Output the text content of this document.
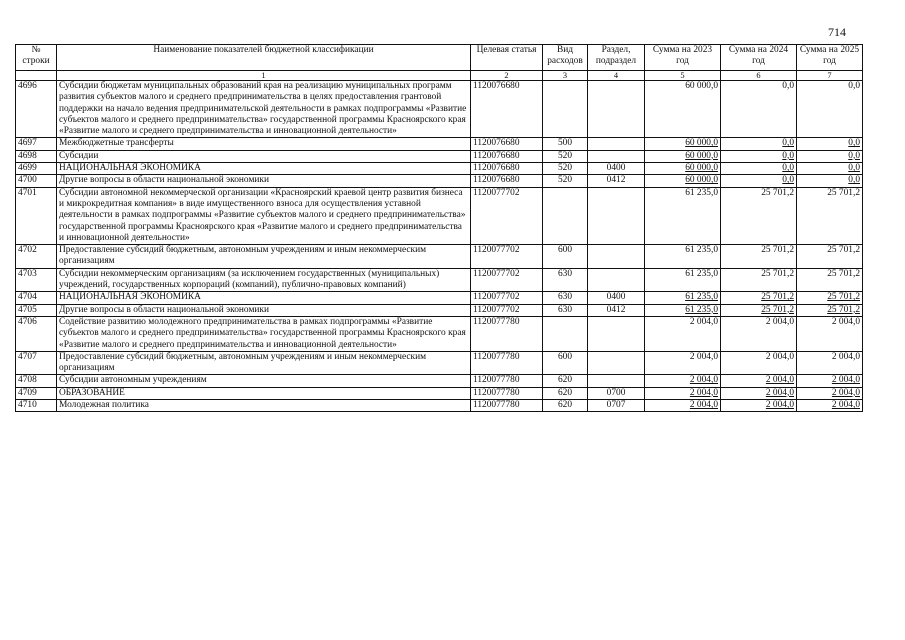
714
№ строки	Наименование показателей бюджетной классификации	Целевая статья	Вид расходов	Раздел, подраздел	Сумма на 2023 год	Сумма на 2024 год	Сумма на 2025 год
	1	2	3	4	5	6	7
4696	Субсидии бюджетам муниципальных образований края на реализацию муниципальных программ развития субъектов малого и среднего предпринимательства в целях предоставления грантовой поддержки на начало ведения предпринимательской деятельности в рамках подпрограммы «Развитие субъектов малого и среднего предпринимательства» государственной программы Красноярского края «Развитие малого и среднего предпринимательства и инновационной деятельности»	1120076680			60 000,0	0,0	0,0
4697	Межбюджетные трансферты	1120076680	500		60 000,0	0,0	0,0
4698	Субсидии	1120076680	520		60 000,0	0,0	0,0
4699	НАЦИОНАЛЬНАЯ ЭКОНОМИКА	1120076680	520	0400	60 000,0	0,0	0,0
4700	Другие вопросы в области национальной экономики	1120076680	520	0412	60 000,0	0,0	0,0
4701	Субсидии автономной некоммерческой организации «Красноярский краевой центр развития бизнеса и микрокредитная компания» в виде имущественного взноса для осуществления уставной деятельности в рамках подпрограммы «Развитие субъектов малого и среднего предпринимательства» государственной программы Красноярского края «Развитие малого и среднего предпринимательства и инновационной деятельности»	1120077702			61 235,0	25 701,2	25 701,2
4702	Предоставление субсидий бюджетным, автономным учреждениям и иным некоммерческим организациям	1120077702	600		61 235,0	25 701,2	25 701,2
4703	Субсидии некоммерческим организациям (за исключением государственных (муниципальных) учреждений, государственных корпораций (компаний), публично-правовых компаний)	1120077702	630		61 235,0	25 701,2	25 701,2
4704	НАЦИОНАЛЬНАЯ ЭКОНОМИКА	1120077702	630	0400	61 235,0	25 701,2	25 701,2
4705	Другие вопросы в области национальной экономики	1120077702	630	0412	61 235,0	25 701,2	25 701,2
4706	Содействие развитию молодежного предпринимательства в рамках подпрограммы «Развитие субъектов малого и среднего предпринимательства» государственной программы Красноярского края «Развитие малого и среднего предпринимательства и инновационной деятельности»	1120077780			2 004,0	2 004,0	2 004,0
4707	Предоставление субсидий бюджетным, автономным учреждениям и иным некоммерческим организациям	1120077780	600		2 004,0	2 004,0	2 004,0
4708	Субсидии автономным учреждениям	1120077780	620		2 004,0	2 004,0	2 004,0
4709	ОБРАЗОВАНИЕ	1120077780	620	0700	2 004,0	2 004,0	2 004,0
4710	Молодежная политика	1120077780	620	0707	2 004,0	2 004,0	2 004,0
